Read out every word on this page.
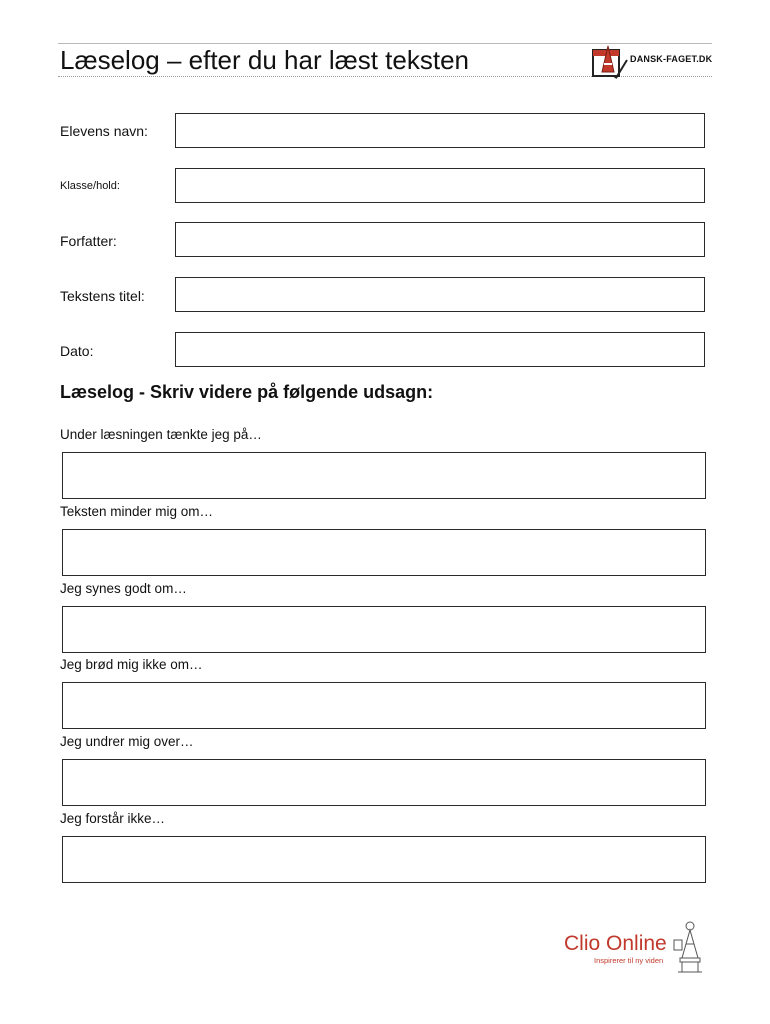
Læselog – efter du har læst teksten	DANSK-FAGET.DK
Elevens navn:
Klasse/hold:
Forfatter:
Tekstens titel:
Dato:
Læselog - Skriv videre på følgende udsagn:
Under læsningen tænkte jeg på…
Teksten minder mig om…
Jeg synes godt om…
Jeg brød mig ikke om…
Jeg undrer mig over…
Jeg forstår ikke…
Clio Online
Inspirerer til ny viden
